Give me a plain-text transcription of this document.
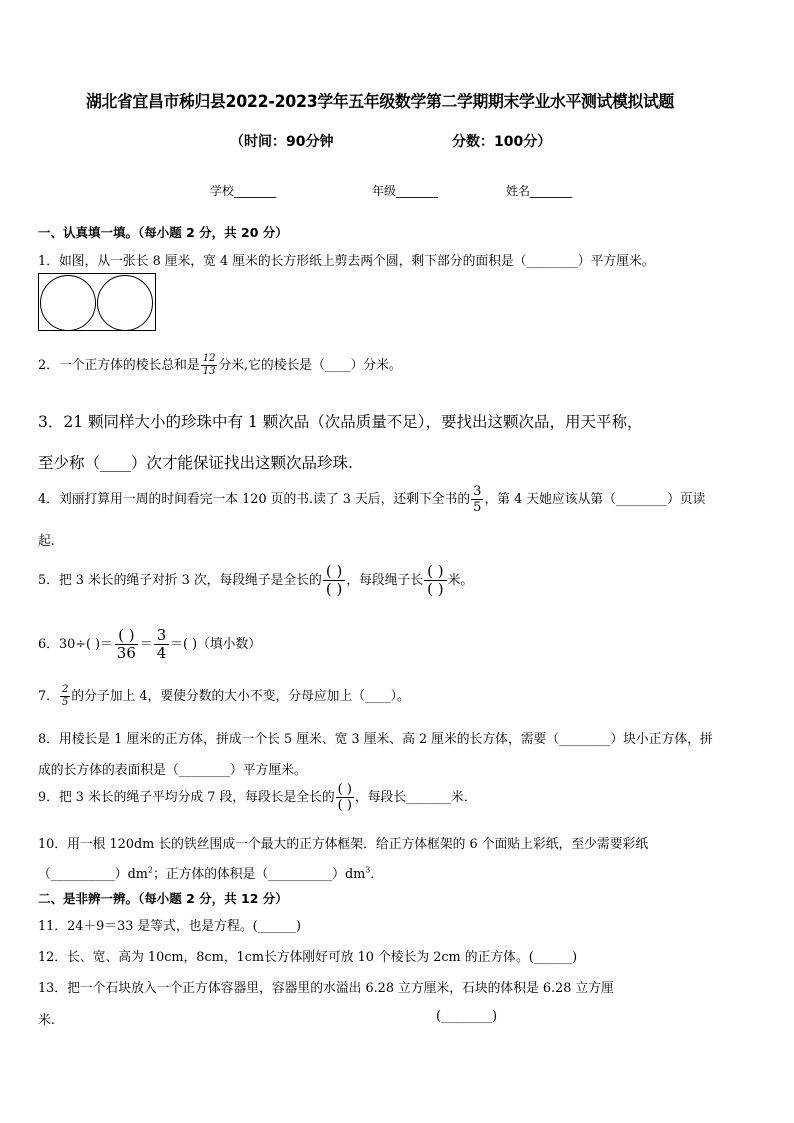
湖北省宜昌市秭归县2022-2023学年五年级数学第二学期期末学业水平测试模拟试题
（时间：90分钟	分数：100分）
学校_______	年级_______	姓名_______
一、认真填一填。（每小题 2 分，共 20 分）
1．如图，从一张长 8 厘米，宽 4 厘米的长方形纸上剪去两个圆，剩下部分的面积是（________）平方厘米。
2．一个正方体的棱长总和是 $\frac{12}{13}$ 分米,它的棱长是（____）分米。
3．21 颗同样大小的珍珠中有 1 颗次品（次品质量不足），要找出这颗次品，用天平称，
至少称（____）次才能保证找出这颗次品珍珠.
4．刘丽打算用一周的时间看完一本 120 页的书.读了 3 天后，还剩下全书的 $\frac{3}{5}$ ，第 4 天她应该从第（________）页读
起.
5．把 3 米长的绳子对折 3 次，每段绳子是全长的 $\frac{( )}{( )}$ ，每段绳子长 $\frac{( )}{( )}$ 米。
6．30÷( )＝ $\frac{( )}{36} = \frac{3}{4}$ ＝( )（填小数）
7． $\frac{2}{5}$ 的分子加上 4，要使分数的大小不变，分母应加上（____）。
8．用棱长是 1 厘米的正方体，拼成一个长 5 厘米、宽 3 厘米、高 2 厘米的长方体，需要（________）块小正方体，拼
成的长方体的表面积是（________）平方厘米。
9．把 3 米长的绳子平均分成 7 段，每段长是全长的 $\frac{( )}{( )}$ ，每段长_______米．
10．用一根 120dm 长的铁丝围成一个最大的正方体框架．给正方体框架的 6 个面贴上彩纸，至少需要彩纸
$(\_\_\_\_\_\_\_\_\_\_)dm^2$；正方体的体积是$(\_\_\_\_\_\_\_\_\_\_)dm^3$．
二、是非辨一辨。（每小题 2 分，共 12 分）
11．24＋9＝33 是等式，也是方程。(______)
12．长、宽、高为 10cm，8cm，1cm长方体刚好可放 10 个棱长为 2cm 的正方体。(______)
13．把一个石块放入一个正方体容器里，容器里的水溢出 6.28 立方厘米，石块的体积是 6.28 立方厘
米.	(________)
